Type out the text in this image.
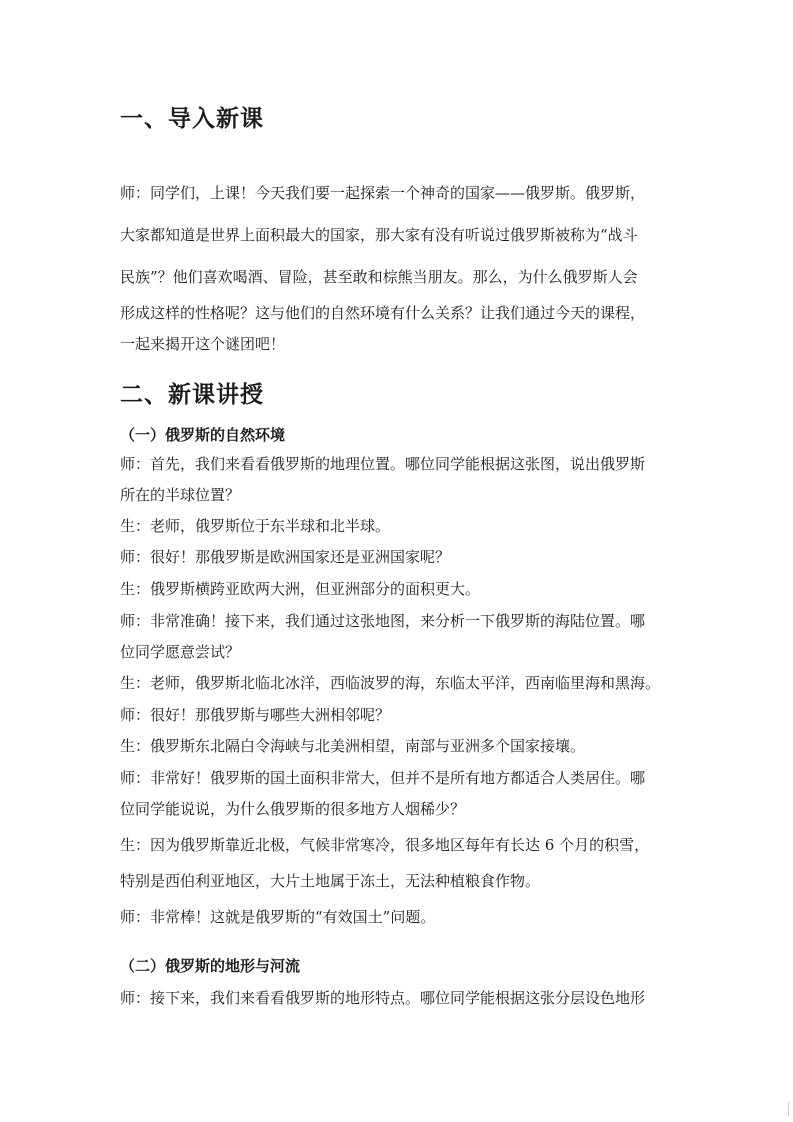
一、导入新课

师：同学们，上课！今天我们要一起探索一个神奇的国家——俄罗斯。俄罗斯，

大家都知道是世界上面积最大的国家，那大家有没有听说过俄罗斯被称为“战斗

民族”？他们喜欢喝酒、冒险，甚至敢和棕熊当朋友。那么，为什么俄罗斯人会

形成这样的性格呢？这与他们的自然环境有什么关系？让我们通过今天的课程，

一起来揭开这个谜团吧！

二、新课讲授
（一）俄罗斯的自然环境

师：首先，我们来看看俄罗斯的地理位置。哪位同学能根据这张图，说出俄罗斯

所在的半球位置？

生：老师，俄罗斯位于东半球和北半球。

师：很好！那俄罗斯是欧洲国家还是亚洲国家呢？

生：俄罗斯横跨亚欧两大洲，但亚洲部分的面积更大。

师：非常准确！接下来，我们通过这张地图，来分析一下俄罗斯的海陆位置。哪

位同学愿意尝试？

生：老师，俄罗斯北临北冰洋，西临波罗的海，东临太平洋，西南临里海和黑海。

师：很好！那俄罗斯与哪些大洲相邻呢？

生：俄罗斯东北隔白令海峡与北美洲相望，南部与亚洲多个国家接壤。

师：非常好！俄罗斯的国土面积非常大，但并不是所有地方都适合人类居住。哪

位同学能说说，为什么俄罗斯的很多地方人烟稀少？

生：因为俄罗斯靠近北极，气候非常寒冷，很多地区每年有长达 6 个月的积雪，

特别是西伯利亚地区，大片土地属于冻土，无法种植粮食作物。

师：非常棒！这就是俄罗斯的“有效国土”问题。

（二）俄罗斯的地形与河流

师：接下来，我们来看看俄罗斯的地形特点。哪位同学能根据这张分层设色地形
